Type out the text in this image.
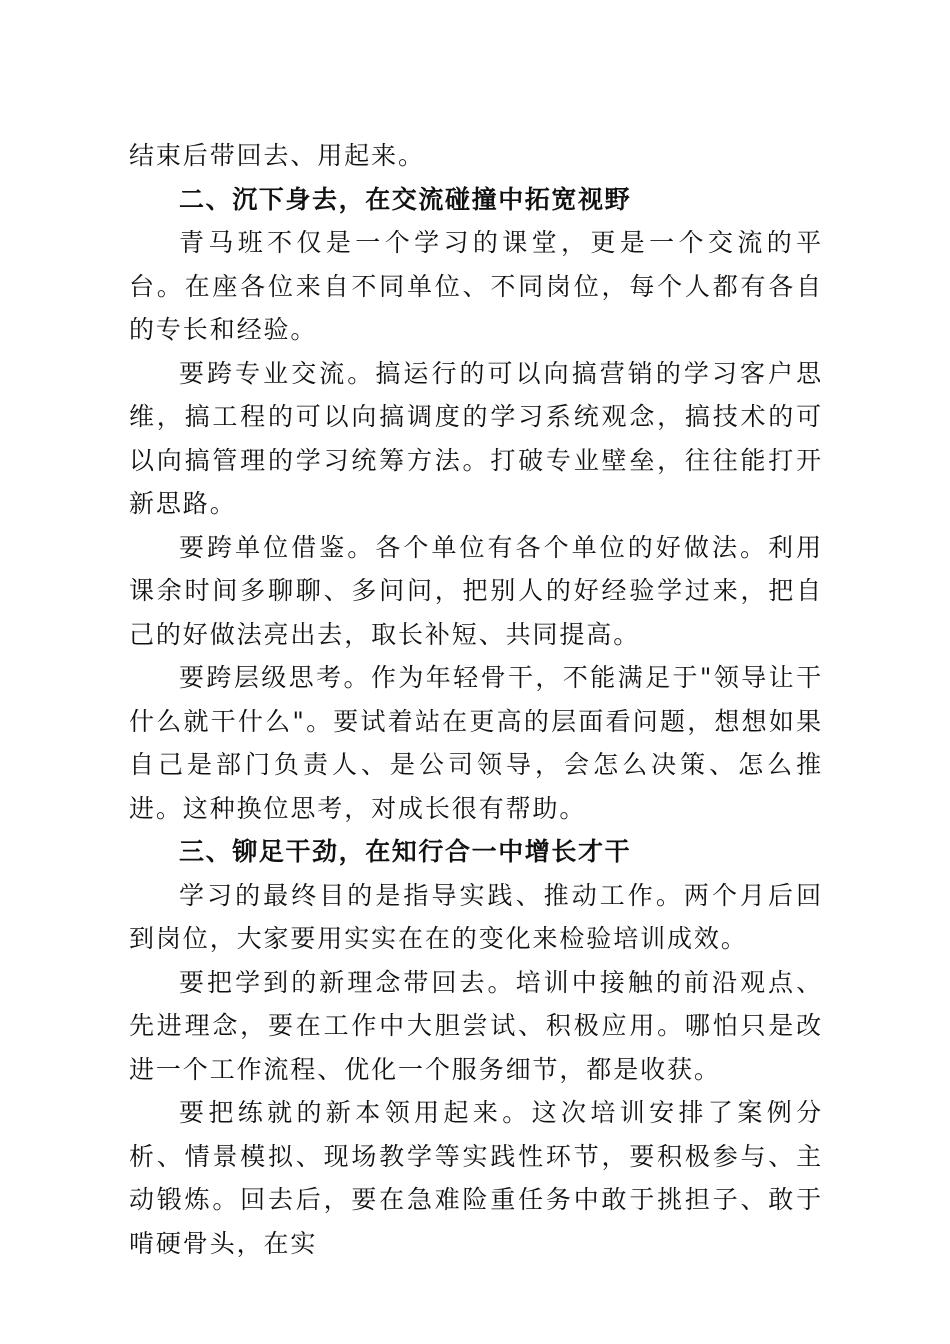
结束后带回去、用起来。

二、沉下身去，在交流碰撞中拓宽视野

青马班不仅是一个学习的课堂，更是一个交流的平台。在座各位来自不同单位、不同岗位，每个人都有各自的专长和经验。

要跨专业交流。搞运行的可以向搞营销的学习客户思维，搞工程的可以向搞调度的学习系统观念，搞技术的可以向搞管理的学习统筹方法。打破专业壁垒，往往能打开新思路。

要跨单位借鉴。各个单位有各个单位的好做法。利用课余时间多聊聊、多问问，把别人的好经验学过来，把自己的好做法亮出去，取长补短、共同提高。

要跨层级思考。作为年轻骨干，不能满足于"领导让干什么就干什么"。要试着站在更高的层面看问题，想想如果自己是部门负责人、是公司领导，会怎么决策、怎么推进。这种换位思考，对成长很有帮助。

三、铆足干劲，在知行合一中增长才干

学习的最终目的是指导实践、推动工作。两个月后回到岗位，大家要用实实在在的变化来检验培训成效。

要把学到的新理念带回去。培训中接触的前沿观点、先进理念，要在工作中大胆尝试、积极应用。哪怕只是改进一个工作流程、优化一个服务细节，都是收获。

要把练就的新本领用起来。这次培训安排了案例分析、情景模拟、现场教学等实践性环节，要积极参与、主动锻炼。回去后，要在急难险重任务中敢于挑担子、敢于啃硬骨头，在实
